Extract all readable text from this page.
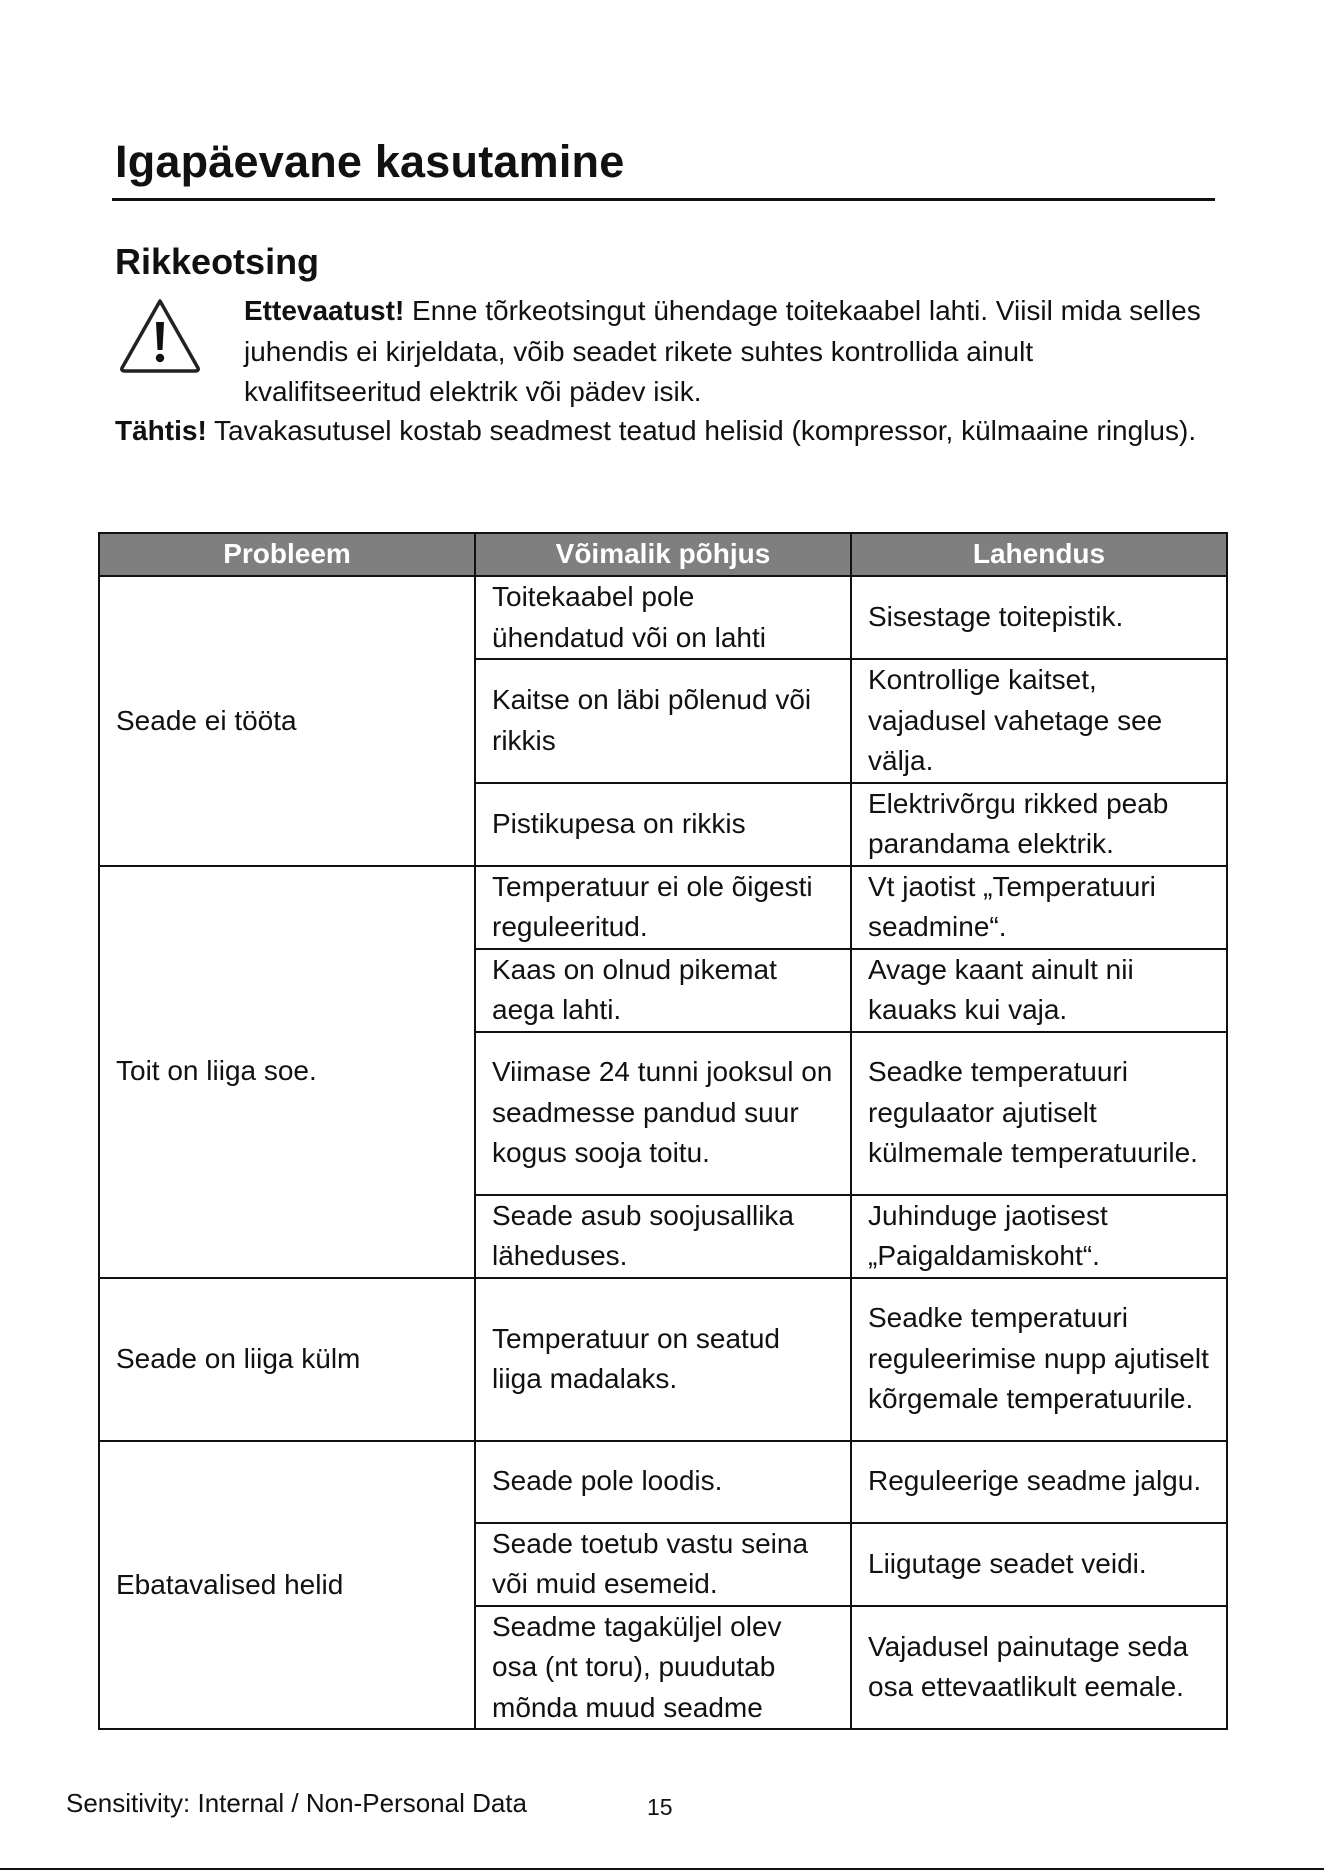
Igapäevane kasutamine
Rikkeotsing
Ettevaatust! Enne tõrkeotsingut ühendage toitekaabel lahti. Viisil mida selles juhendis ei kirjeldata, võib seadet rikete suhtes kontrollida ainult kvalifitseeritud elektrik või pädev isik.
Tähtis! Tavakasutusel kostab seadmest teatud helisid (kompressor, külmaaine ringlus).
Probleem	Võimalik põhjus	Lahendus
Seade ei tööta	Toitekaabel pole ühendatud või on lahti	Sisestage toitepistik.
	Kaitse on läbi põlenud või rikkis	Kontrollige kaitset, vajadusel vahetage see välja.
	Pistikupesa on rikkis	Elektrivõrgu rikked peab parandama elektrik.
Toit on liiga soe.	Temperatuur ei ole õigesti reguleeritud.	Vt jaotist „Temperatuuri seadmine“.
	Kaas on olnud pikemat aega lahti.	Avage kaant ainult nii kauaks kui vaja.
	Viimase 24 tunni jooksul on seadmesse pandud suur kogus sooja toitu.	Seadke temperatuuri regulaator ajutiselt külmemale temperatuurile.
	Seade asub soojusallika läheduses.	Juhinduge jaotisest „Paigaldamiskoht“.
Seade on liiga külm	Temperatuur on seatud liiga madalaks.	Seadke temperatuuri reguleerimise nupp ajutiselt kõrgemale temperatuurile.
Ebatavalised helid	Seade pole loodis.	Reguleerige seadme jalgu.
	Seade toetub vastu seina või muid esemeid.	Liigutage seadet veidi.
	Seadme tagaküljel olev osa (nt toru), puudutab mõnda muud seadme	Vajadusel painutage seda osa ettevaatlikult eemale.
Sensitivity: Internal / Non-Personal Data	15
